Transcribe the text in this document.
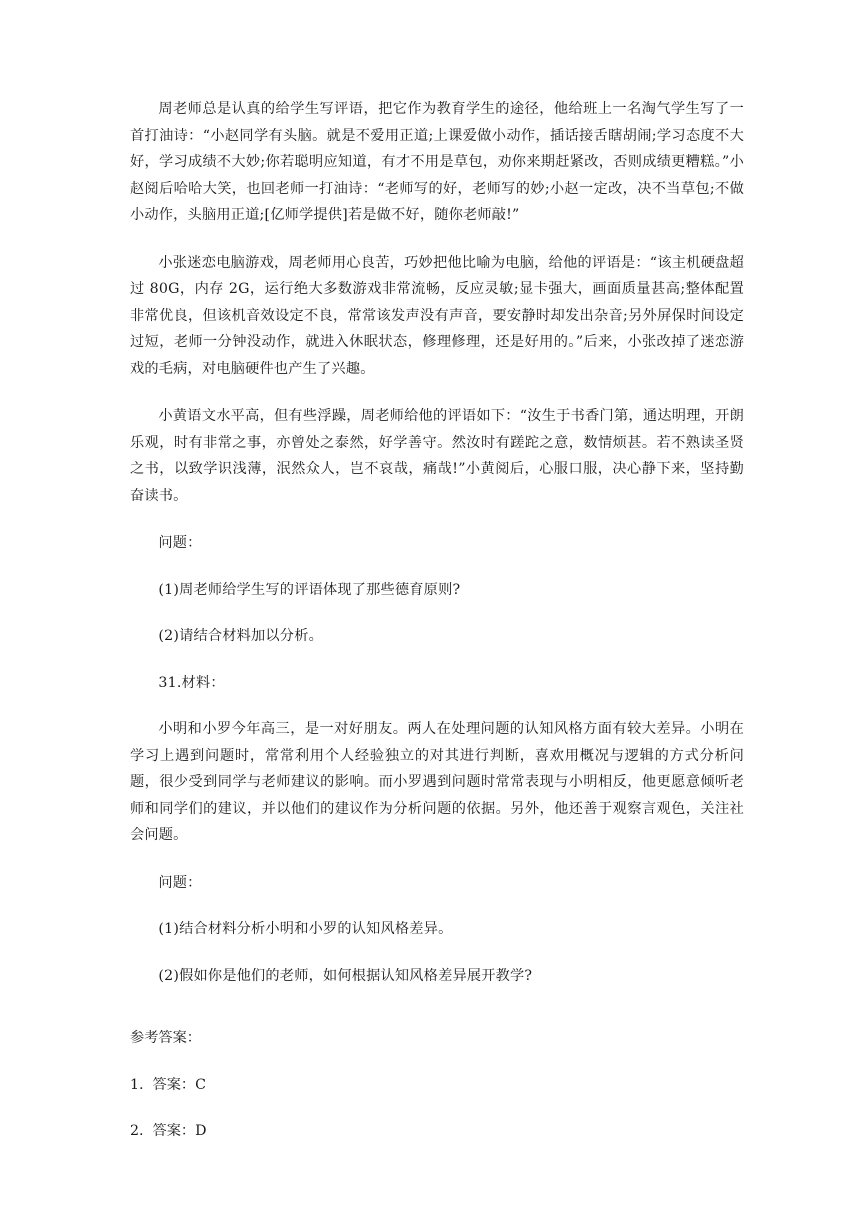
周老师总是认真的给学生写评语，把它作为教育学生的途径，他给班上一名淘气学生写了一首打油诗：“小赵同学有头脑。就是不爱用正道;上课爱做小动作，插话接舌瞎胡闹;学习态度不大好，学习成绩不大妙;你若聪明应知道，有才不用是草包，劝你来期赶紧改，否则成绩更糟糕。”小赵阅后哈哈大笑，也回老师一打油诗：“老师写的好，老师写的妙;小赵一定改，决不当草包;不做小动作，头脑用正道;[亿师学提供]若是做不好，随你老师敲!”

小张迷恋电脑游戏，周老师用心良苦，巧妙把他比喻为电脑，给他的评语是：“该主机硬盘超过 80G，内存 2G，运行绝大多数游戏非常流畅，反应灵敏;显卡强大，画面质量甚高;整体配置非常优良，但该机音效设定不良，常常该发声没有声音，要安静时却发出杂音;另外屏保时间设定过短，老师一分钟没动作，就进入休眠状态，修理修理，还是好用的。”后来，小张改掉了迷恋游戏的毛病，对电脑硬件也产生了兴趣。

小黄语文水平高，但有些浮躁，周老师给他的评语如下：“汝生于书香门第，通达明理，开朗乐观，时有非常之事，亦曾处之泰然，好学善守。然汝时有蹉跎之意，数情烦甚。若不熟读圣贤之书，以致学识浅薄，泯然众人，岂不哀哉，痛哉!”小黄阅后，心服口服，决心静下来，坚持勤奋读书。

问题：

(1)周老师给学生写的评语体现了那些德育原则?

(2)请结合材料加以分析。

31.材料：

小明和小罗今年高三，是一对好朋友。两人在处理问题的认知风格方面有较大差异。小明在学习上遇到问题时，常常利用个人经验独立的对其进行判断，喜欢用概况与逻辑的方式分析问题，很少受到同学与老师建议的影响。而小罗遇到问题时常常表现与小明相反，他更愿意倾听老师和同学们的建议，并以他们的建议作为分析问题的依据。另外，他还善于观察言观色，关注社会问题。

问题：

(1)结合材料分析小明和小罗的认知风格差异。

(2)假如你是他们的老师，如何根据认知风格差异展开教学?

参考答案：

1.  答案：C

2.  答案：D
